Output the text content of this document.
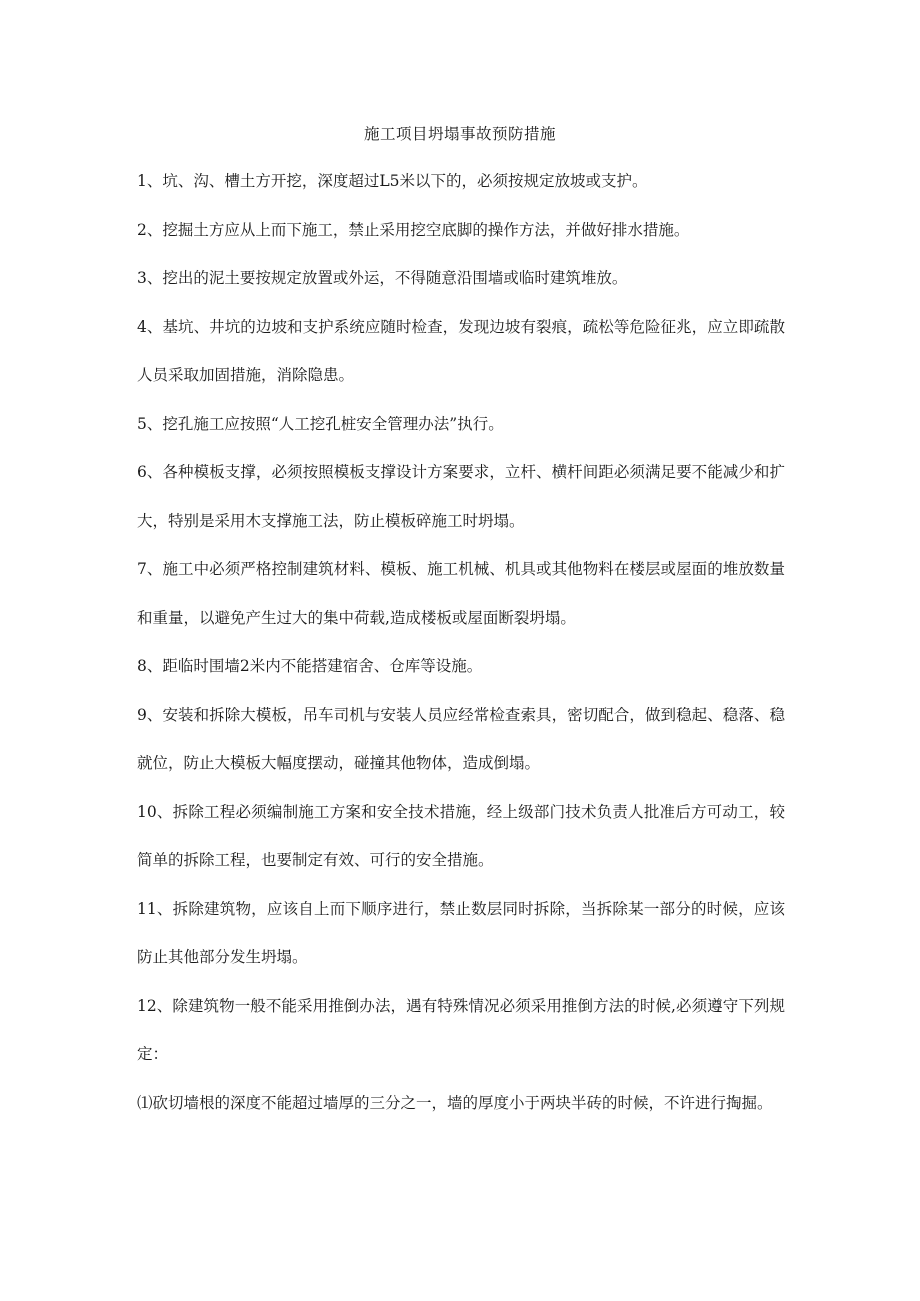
施工项目坍塌事故预防措施

1、坑、沟、槽土方开挖，深度超过L5米以下的，必须按规定放坡或支护。

2、挖掘土方应从上而下施工，禁止采用挖空底脚的操作方法，并做好排水措施。

3、挖出的泥土要按规定放置或外运，不得随意沿围墙或临时建筑堆放。

4、基坑、井坑的边坡和支护系统应随时检查，发现边坡有裂痕，疏松等危险征兆，应立即疏散人员采取加固措施，消除隐患。

5、挖孔施工应按照“人工挖孔桩安全管理办法”执行。

6、各种模板支撑，必须按照模板支撑设计方案要求，立杆、横杆间距必须满足要不能减少和扩大，特别是采用木支撑施工法，防止模板碎施工时坍塌。

7、施工中必须严格控制建筑材料、模板、施工机械、机具或其他物料在楼层或屋面的堆放数量和重量，以避免产生过大的集中荷载,造成楼板或屋面断裂坍塌。

8、距临时围墙2米内不能搭建宿舍、仓库等设施。

9、安装和拆除大模板，吊车司机与安装人员应经常检查索具，密切配合，做到稳起、稳落、稳就位，防止大模板大幅度摆动，碰撞其他物体，造成倒塌。

10、拆除工程必须编制施工方案和安全技术措施，经上级部门技术负责人批准后方可动工，较简单的拆除工程，也要制定有效、可行的安全措施。

11、拆除建筑物，应该自上而下顺序进行，禁止数层同时拆除，当拆除某一部分的时候，应该防止其他部分发生坍塌。

12、除建筑物一般不能采用推倒办法，遇有特殊情况必须采用推倒方法的时候,必须遵守下列规定：

⑴砍切墙根的深度不能超过墙厚的三分之一，墙的厚度小于两块半砖的时候，不许进行掏掘。
